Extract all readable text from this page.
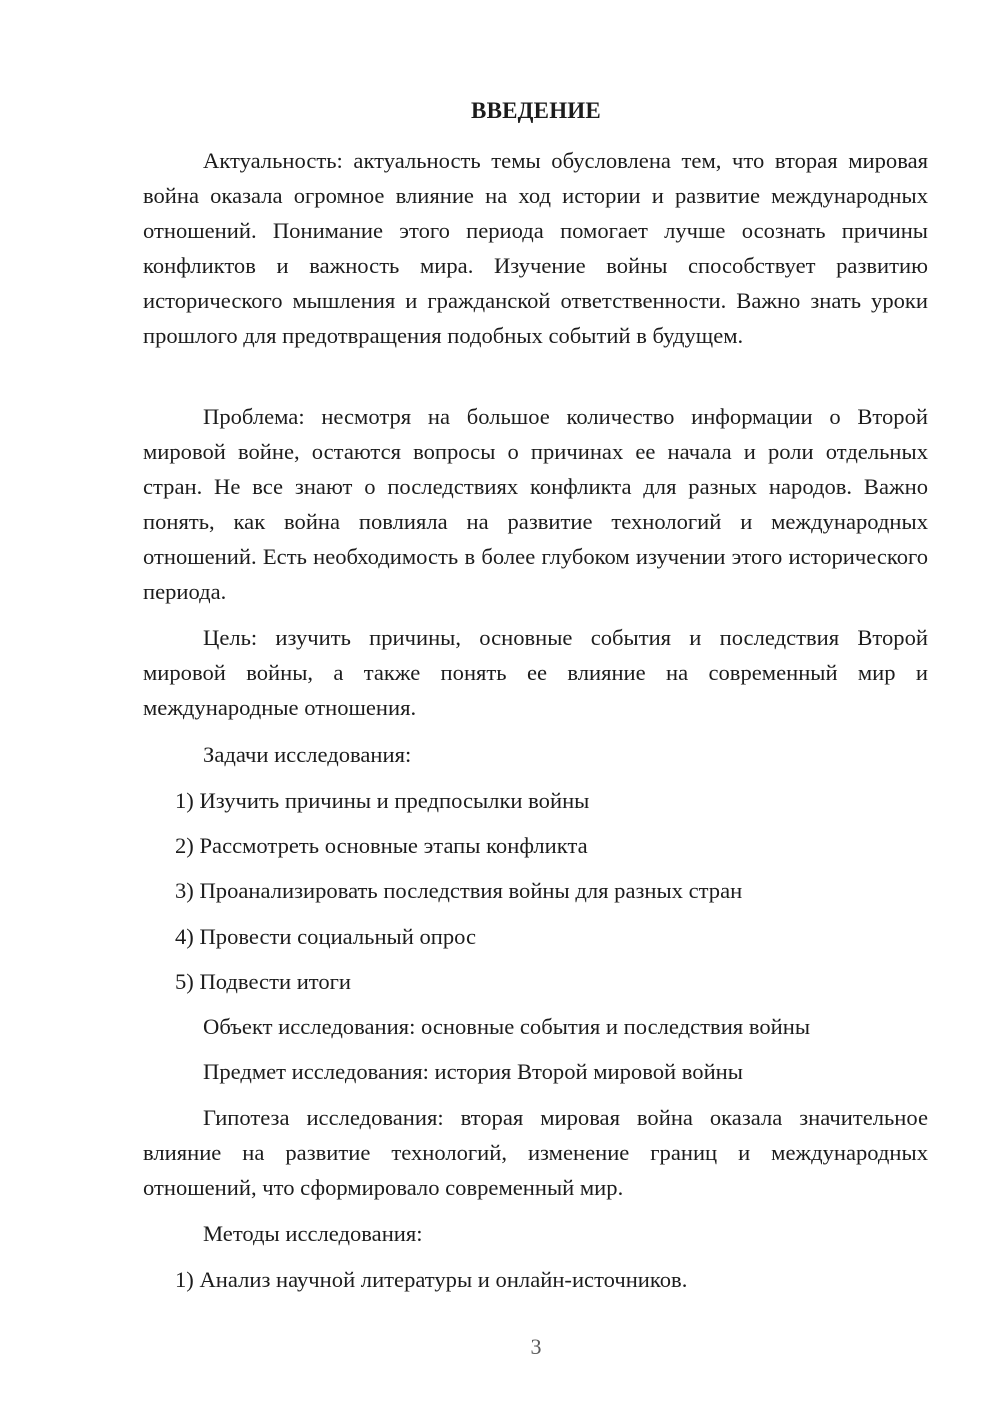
ВВЕДЕНИЕ
Актуальность: актуальность темы обусловлена тем, что вторая мировая война оказала огромное влияние на ход истории и развитие международных отношений. Понимание этого периода помогает лучше осознать причины конфликтов и важность мира. Изучение войны способствует развитию исторического мышления и гражданской ответственности. Важно знать уроки прошлого для предотвращения подобных событий в будущем.
Проблема: несмотря на большое количество информации о Второй мировой войне, остаются вопросы о причинах ее начала и роли отдельных стран. Не все знают о последствиях конфликта для разных народов. Важно понять, как война повлияла на развитие технологий и международных отношений. Есть необходимость в более глубоком изучении этого исторического периода.
Цель: изучить причины, основные события и последствия Второй мировой войны, а также понять ее влияние на современный мир и международные отношения.
Задачи исследования:
1) Изучить причины и предпосылки войны
2) Рассмотреть основные этапы конфликта
3) Проанализировать последствия войны для разных стран
4) Провести социальный опрос
5) Подвести итоги
Объект исследования: основные события и последствия войны
Предмет исследования: история Второй мировой войны
Гипотеза исследования: вторая мировая война оказала значительное влияние на развитие технологий, изменение границ и международных отношений, что сформировало современный мир.
Методы исследования:
1) Анализ научной литературы и онлайн-источников.
3
